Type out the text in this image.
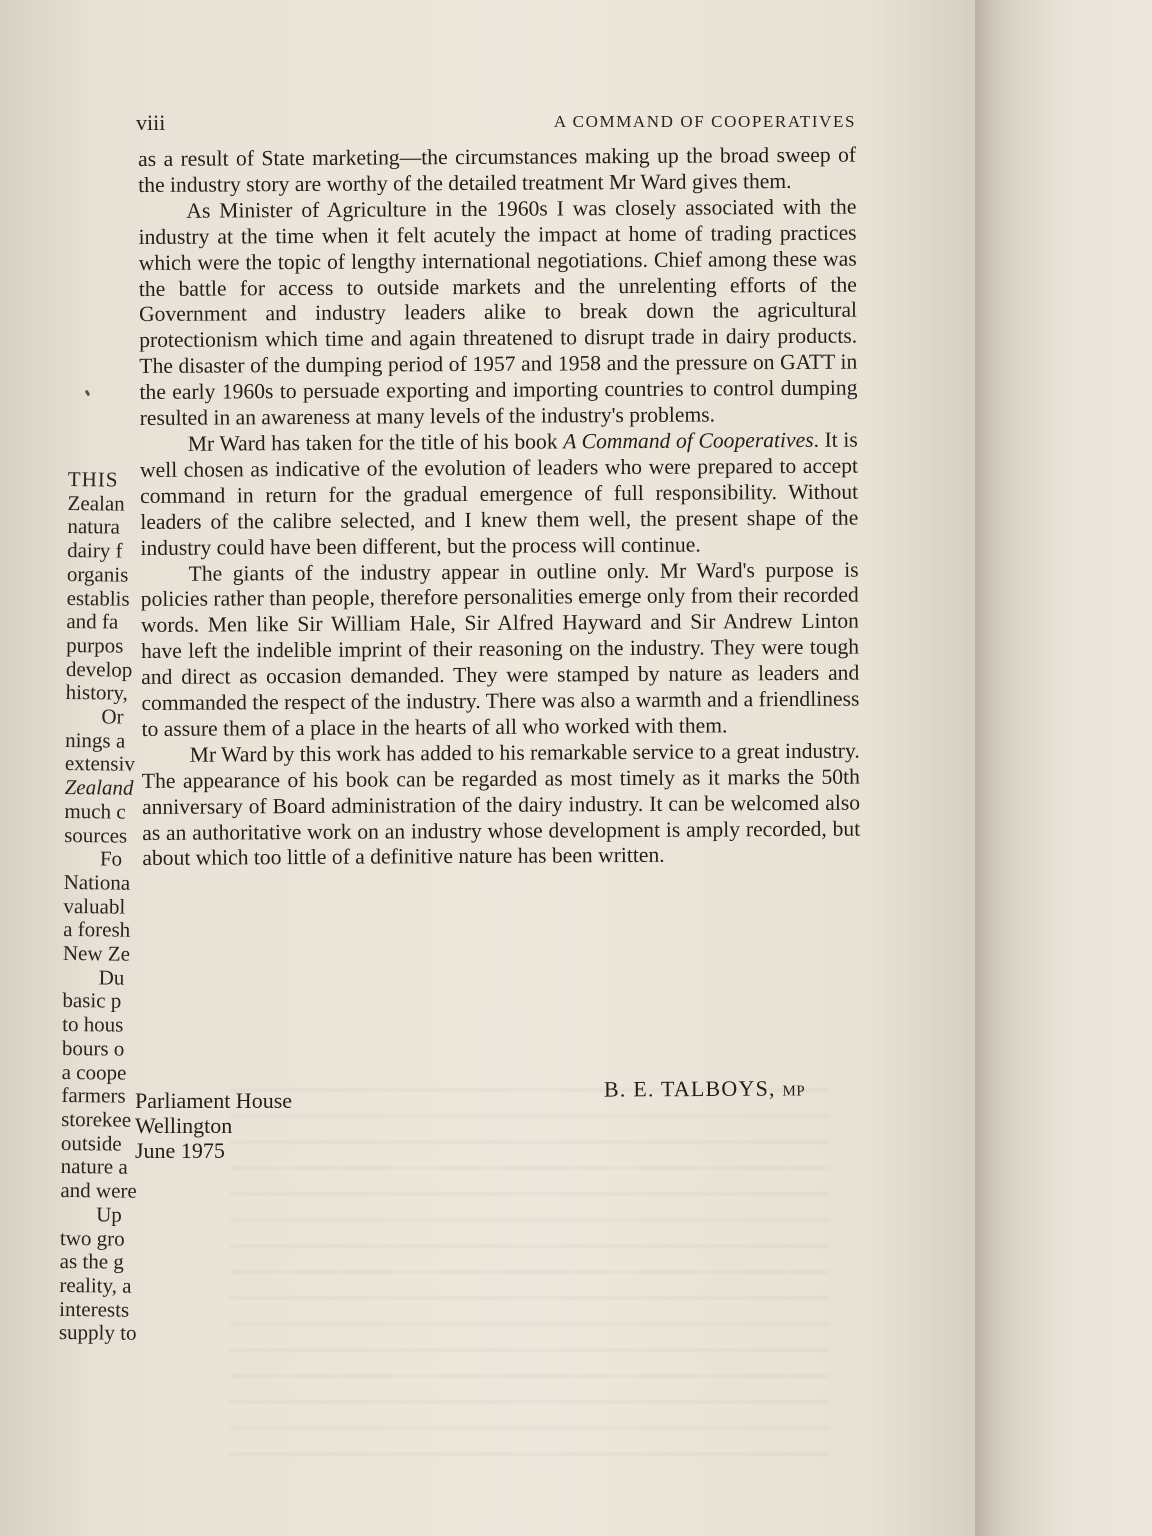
viii	A COMMAND OF COOPERATIVES

as a result of State marketing—the circumstances making up the broad sweep of the industry story are worthy of the detailed treatment Mr Ward gives them.

As Minister of Agriculture in the 1960s I was closely associated with the industry at the time when it felt acutely the impact at home of trading practices which were the topic of lengthy international negotiations. Chief among these was the battle for access to outside markets and the unrelenting efforts of the Government and industry leaders alike to break down the agricultural protectionism which time and again threatened to disrupt trade in dairy products. The disaster of the dumping period of 1957 and 1958 and the pressure on GATT in the early 1960s to persuade exporting and importing countries to control dumping resulted in an awareness at many levels of the industry's problems.

Mr Ward has taken for the title of his book A Command of Cooperatives. It is well chosen as indicative of the evolution of leaders who were prepared to accept command in return for the gradual emergence of full responsibility. Without leaders of the calibre selected, and I knew them well, the present shape of the industry could have been different, but the process will continue.

The giants of the industry appear in outline only. Mr Ward's purpose is policies rather than people, therefore personalities emerge only from their recorded words. Men like Sir William Hale, Sir Alfred Hayward and Sir Andrew Linton have left the indelible imprint of their reasoning on the industry. They were tough and direct as occasion demanded. They were stamped by nature as leaders and commanded the respect of the industry. There was also a warmth and a friendliness to assure them of a place in the hearts of all who worked with them.

Mr Ward by this work has added to his remarkable service to a great industry. The appearance of his book can be regarded as most timely as it marks the 50th anniversary of Board administration of the dairy industry. It can be welcomed also as an authoritative work on an industry whose development is amply recorded, but about which too little of a definitive nature has been written.

B. E. TALBOYS, MP
Parliament House
Wellington
June 1975
THIS
Zealan
natura
dairy f
organis
establis
and fa
purpos
develop
history,
Or
nings a
extensiv
Zealand
much c
sources
Fo
Nationa
valuabl
a foresh
New Ze
Du
basic p
to hous
bours o
a coope
farmers
storekee
outside
nature a
and were
Up
two gro
as the g
reality, a
interests
supply to
